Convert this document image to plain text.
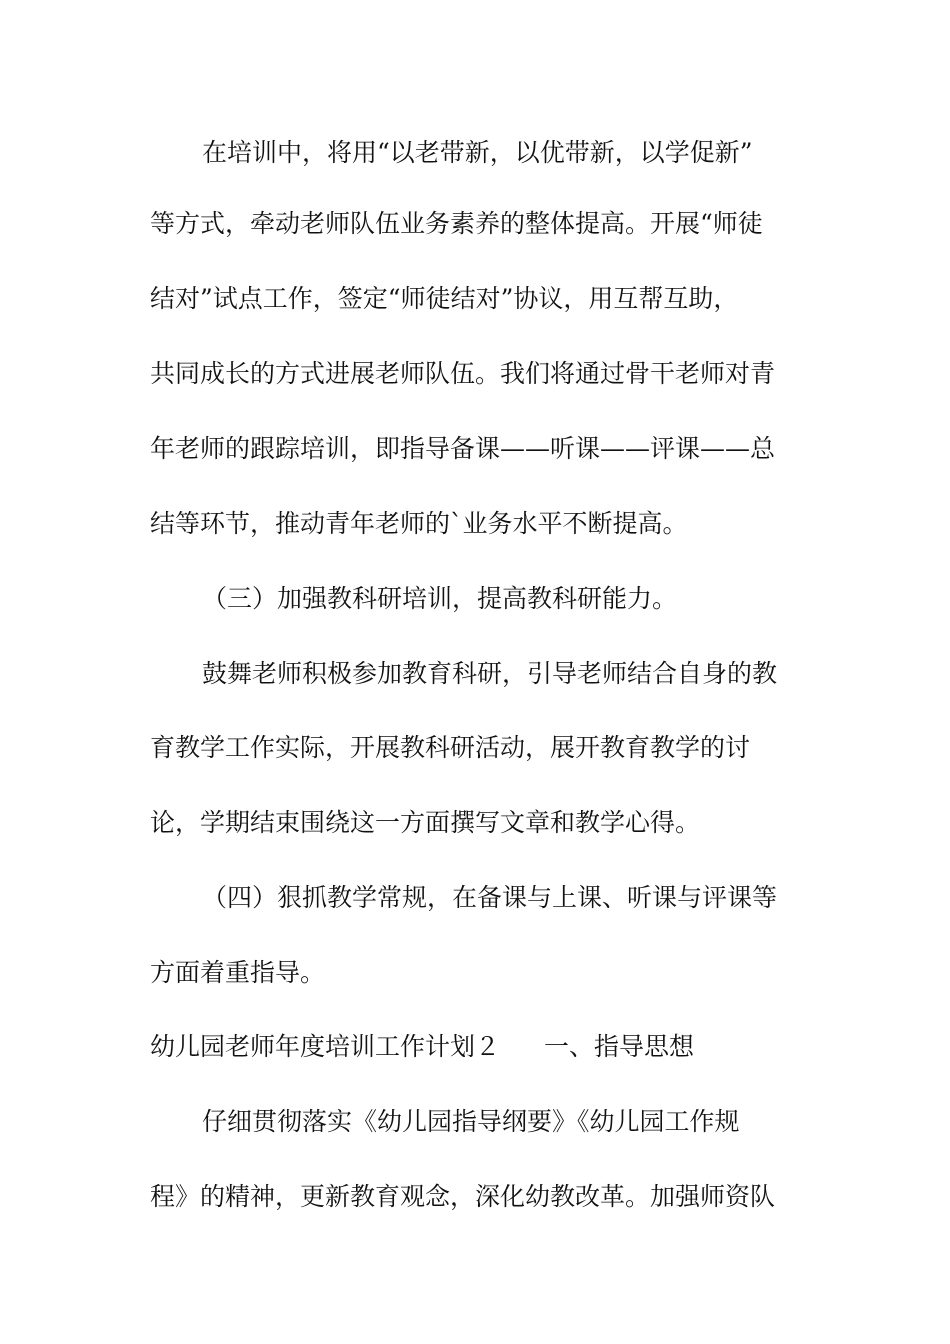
在培训中，将用“以老带新，以优带新，以学促新”
等方式，牵动老师队伍业务素养的整体提高。开展“师徒
结对”试点工作，签定“师徒结对”协议，用互帮互助，
共同成长的方式进展老师队伍。我们将通过骨干老师对青
年老师的跟踪培训，即指导备课——听课——评课——总
结等环节，推动青年老师的`业务水平不断提高。
（三）加强教科研培训，提高教科研能力。
鼓舞老师积极参加教育科研，引导老师结合自身的教
育教学工作实际，开展教科研活动，展开教育教学的讨
论，学期结束围绕这一方面撰写文章和教学心得。
（四）狠抓教学常规，在备课与上课、听课与评课等
方面着重指导。
幼儿园老师年度培训工作计划２ 一、指导思想
仔细贯彻落实《幼儿园指导纲要》《幼儿园工作规
程》的精神，更新教育观念，深化幼教改革。加强师资队
